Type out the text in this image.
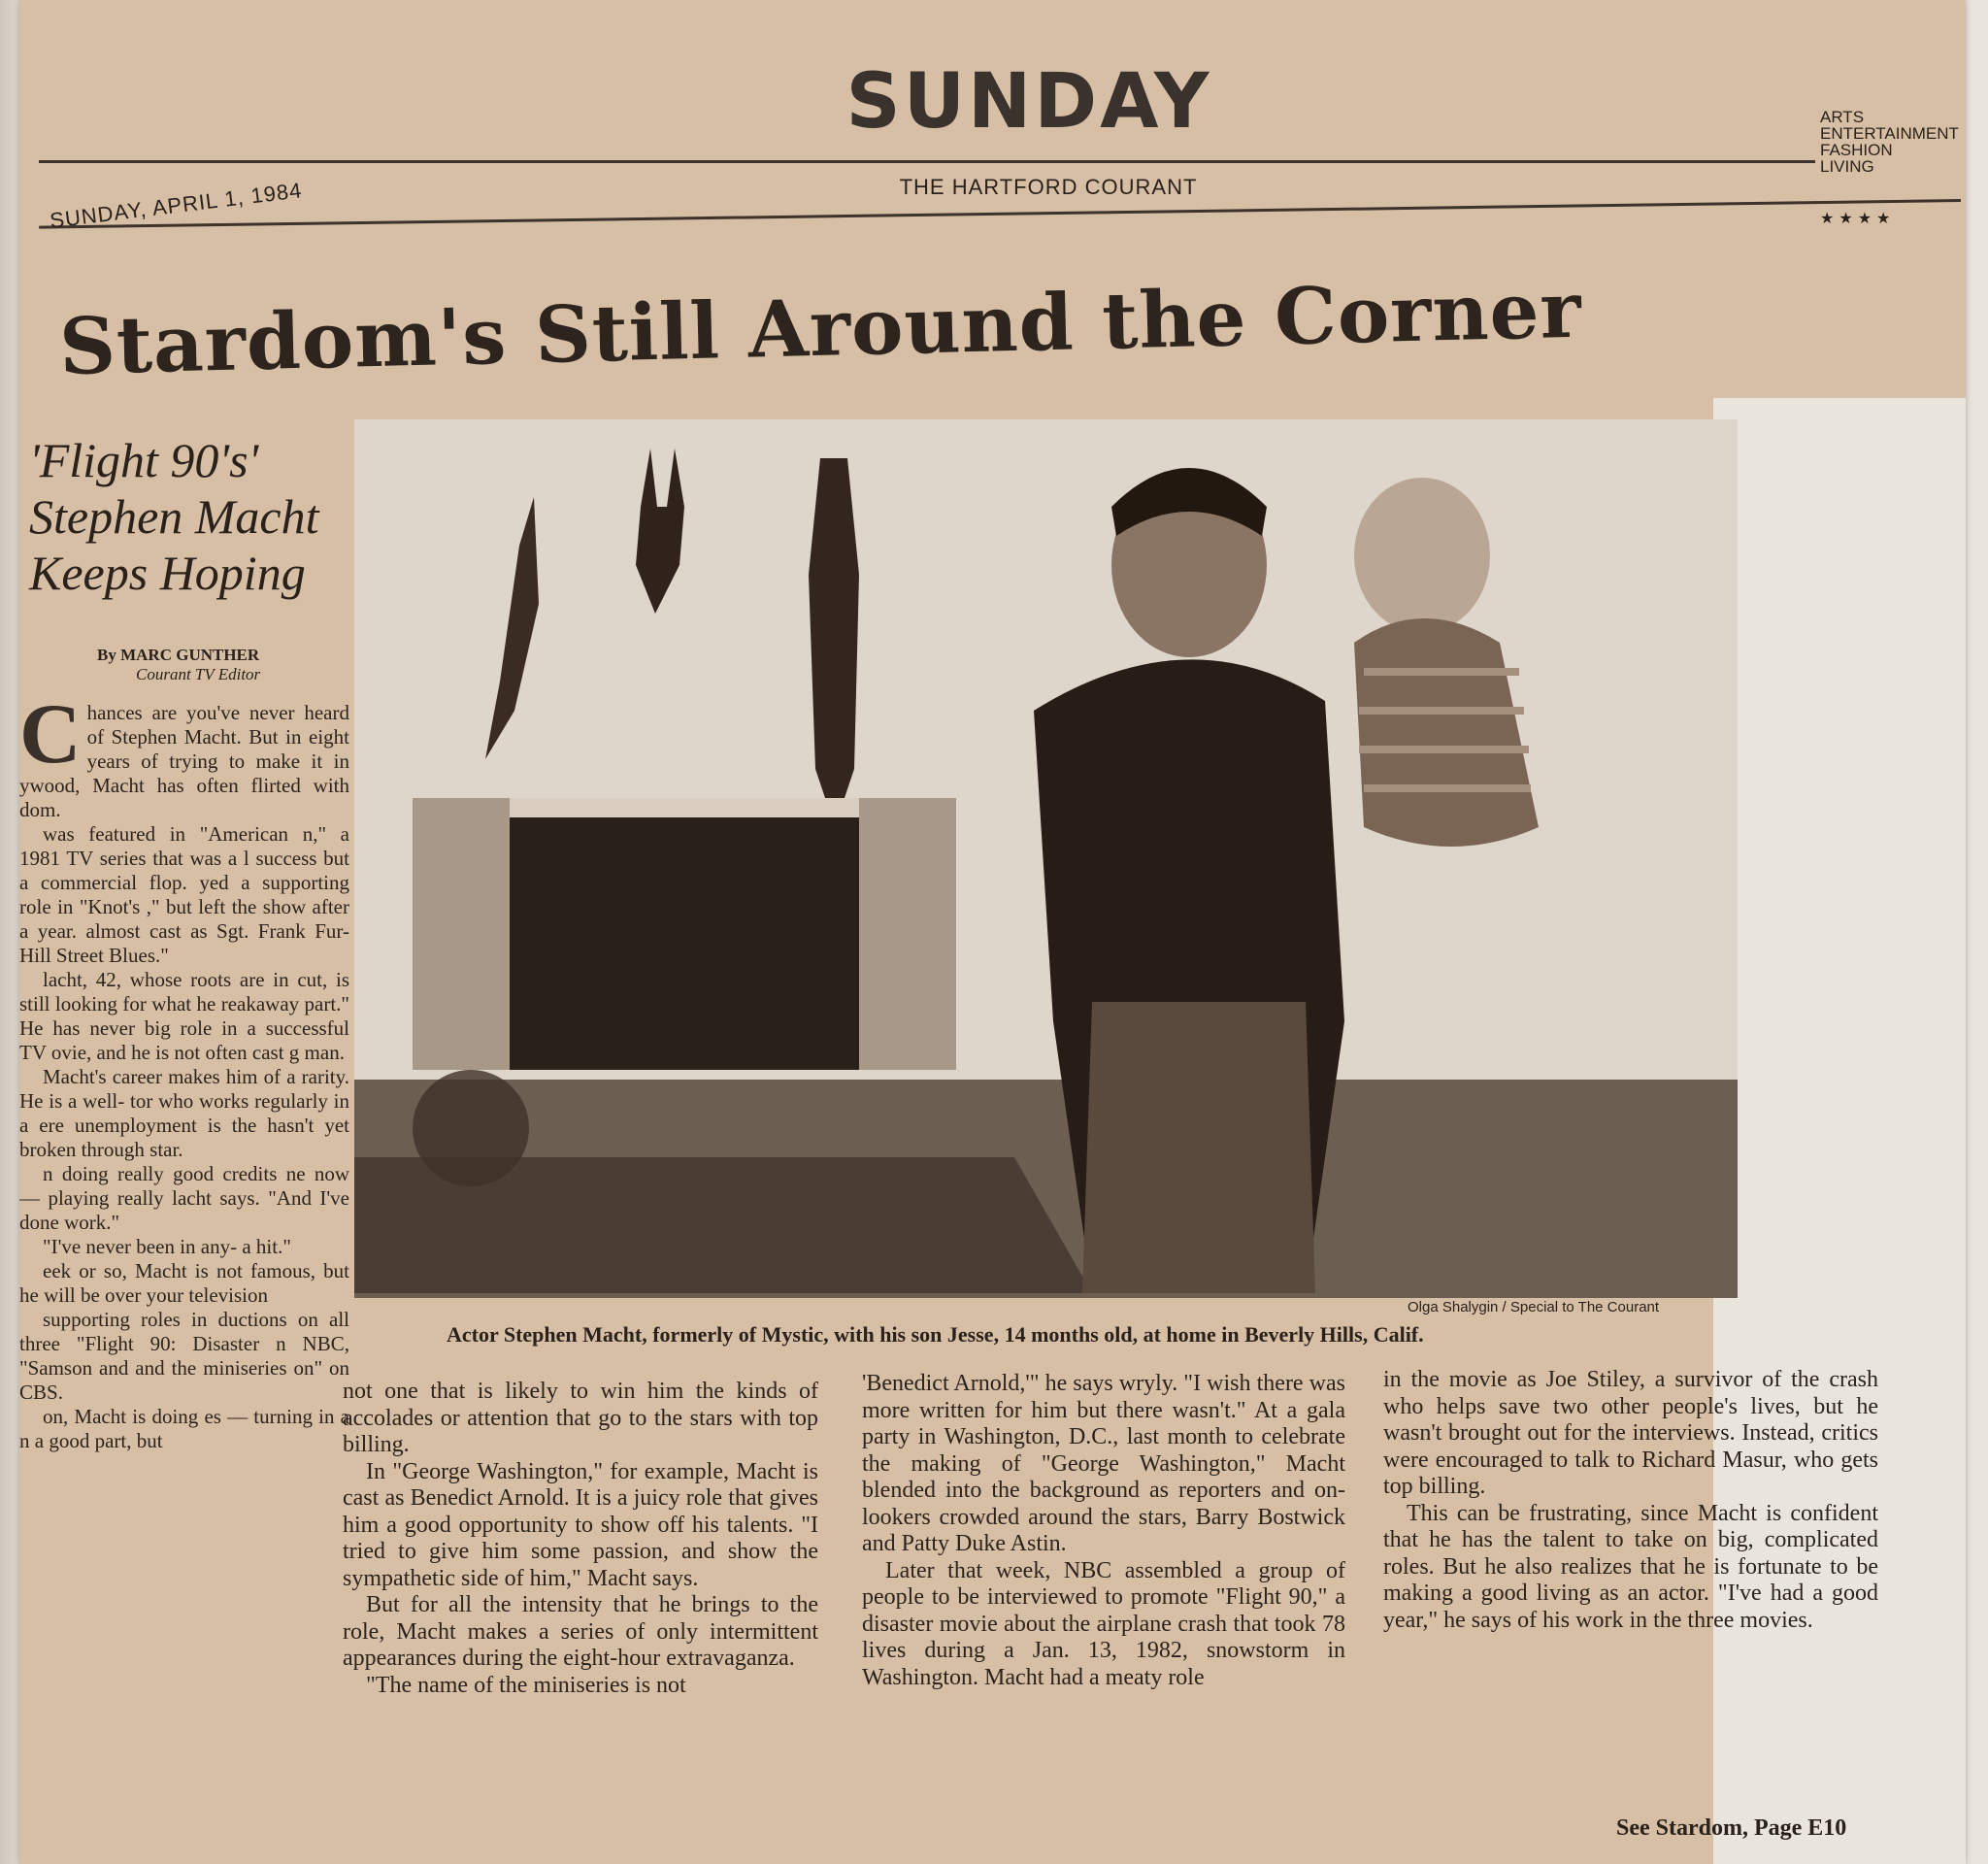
SUNDAY
THE HARTFORD COURANT
SUNDAY, APRIL 1, 1984
ARTS
ENTERTAINMENT
FASHION
LIVING
★★★★
Stardom's Still Around the Corner
'Flight 90's' Stephen Macht Keeps Hoping
By MARC GUNTHER
Courant TV Editor
C hances are you've never heard of Stephen Macht. But in eight years of trying to make it in ywood, Macht has often flirted with dom.

was featured in "American n," a 1981 TV series that was a l success but a commercial flop. yed a supporting role in "Knot's ," but left the show after a year. almost cast as Sgt. Frank Fur- Hill Street Blues."

lacht, 42, whose roots are in cut, is still looking for what he reakaway part." He has never big role in a successful TV ovie, and he is not often cast g man.

Macht's career makes him of a rarity. He is a well- tor who works regularly in a ere unemployment is the hasn't yet broken through star.

n doing really good credits ne now — playing really lacht says. "And I've done work."

"I've never been in any- a hit."

eek or so, Macht is not famous, but he will be over your television

supporting roles in ductions on all three "Flight 90: Disaster n NBC, "Samson and and the miniseries on" on CBS.

on, Macht is doing es — turning in a n a good part, but

Olga Shalygin / Special to The Courant
Actor Stephen Macht, formerly of Mystic, with his son Jesse, 14 months old, at home in Beverly Hills, Calif.

not one that is likely to win him the kinds of accolades or attention that go to the stars with top billing.

In "George Washington," for example, Macht is cast as Benedict Arnold. It is a juicy role that gives him a good opportunity to show off his talents. "I tried to give him some passion, and show the sympathetic side of him," Macht says.

But for all the intensity that he brings to the role, Macht makes a series of only intermittent appearances during the eight-hour extravaganza.

"The name of the miniseries is not

'Benedict Arnold,'" he says wryly. "I wish there was more written for him but there wasn't." At a gala party in Washington, D.C., last month to celebrate the making of "George Washington," Macht blended into the background as reporters and on-lookers crowded around the stars, Barry Bostwick and Patty Duke Astin.

Later that week, NBC assembled a group of people to be interviewed to promote "Flight 90," a disaster movie about the airplane crash that took 78 lives during a Jan. 13, 1982, snowstorm in Washington. Macht had a meaty role

in the movie as Joe Stiley, a survivor of the crash who helps save two other people's lives, but he wasn't brought out for the interviews. Instead, critics were encouraged to talk to Richard Masur, who gets top billing.

This can be frustrating, since Macht is confident that he has the talent to take on big, complicated roles. But he also realizes that he is fortunate to be making a good living as an actor. "I've had a good year," he says of his work in the three movies.

See Stardom, Page E10
